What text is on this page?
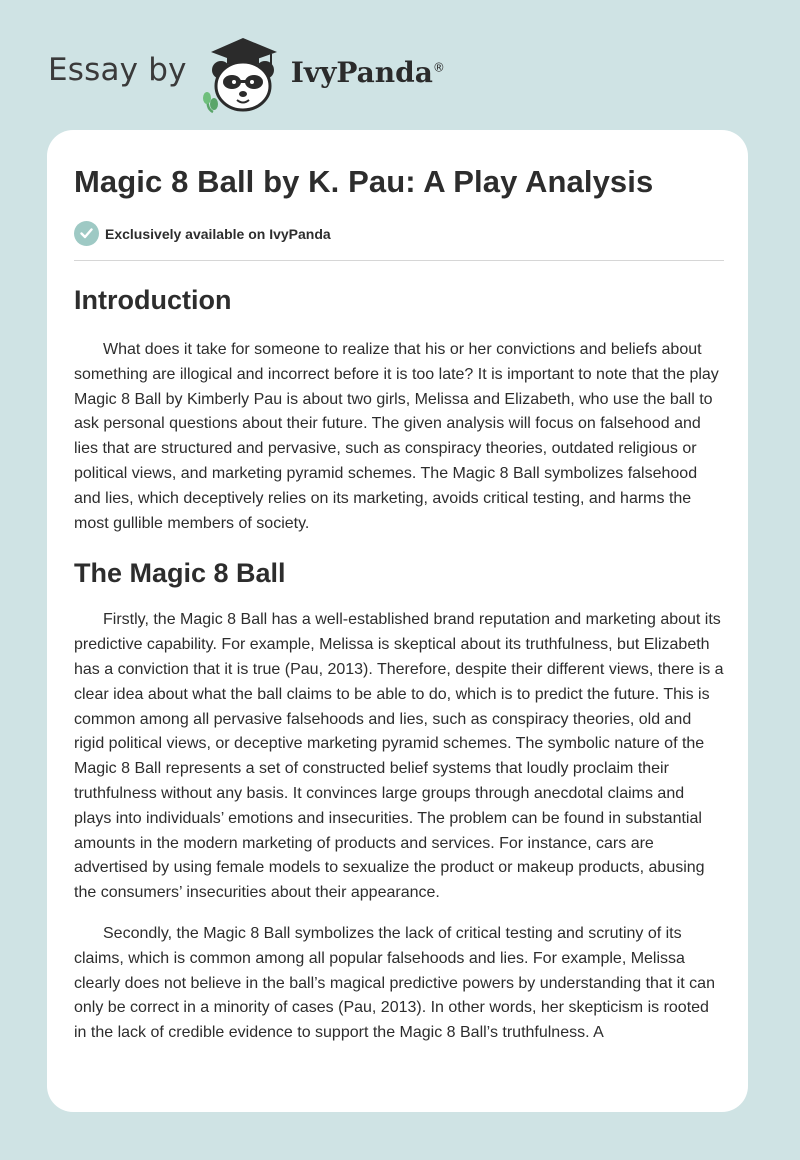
Essay by	IvyPanda®
Magic 8 Ball by K. Pau: A Play Analysis
Exclusively available on IvyPanda
Introduction

What does it take for someone to realize that his or her convictions and beliefs about something are illogical and incorrect before it is too late? It is important to note that the play Magic 8 Ball by Kimberly Pau is about two girls, Melissa and Elizabeth, who use the ball to ask personal questions about their future. The given analysis will focus on falsehood and lies that are structured and pervasive, such as conspiracy theories, outdated religious or political views, and marketing pyramid schemes. The Magic 8 Ball symbolizes falsehood and lies, which deceptively relies on its marketing, avoids critical testing, and harms the most gullible members of society.

The Magic 8 Ball

Firstly, the Magic 8 Ball has a well-established brand reputation and marketing about its predictive capability. For example, Melissa is skeptical about its truthfulness, but Elizabeth has a conviction that it is true (Pau, 2013). Therefore, despite their different views, there is a clear idea about what the ball claims to be able to do, which is to predict the future. This is common among all pervasive falsehoods and lies, such as conspiracy theories, old and rigid political views, or deceptive marketing pyramid schemes. The symbolic nature of the Magic 8 Ball represents a set of constructed belief systems that loudly proclaim their truthfulness without any basis. It convinces large groups through anecdotal claims and plays into individuals’ emotions and insecurities. The problem can be found in substantial amounts in the modern marketing of products and services. For instance, cars are advertised by using female models to sexualize the product or makeup products, abusing the consumers’ insecurities about their appearance.

Secondly, the Magic 8 Ball symbolizes the lack of critical testing and scrutiny of its claims, which is common among all popular falsehoods and lies. For example, Melissa clearly does not believe in the ball’s magical predictive powers by understanding that it can only be correct in a minority of cases (Pau, 2013). In other words, her skepticism is rooted in the lack of credible evidence to support the Magic 8 Ball’s truthfulness. A
